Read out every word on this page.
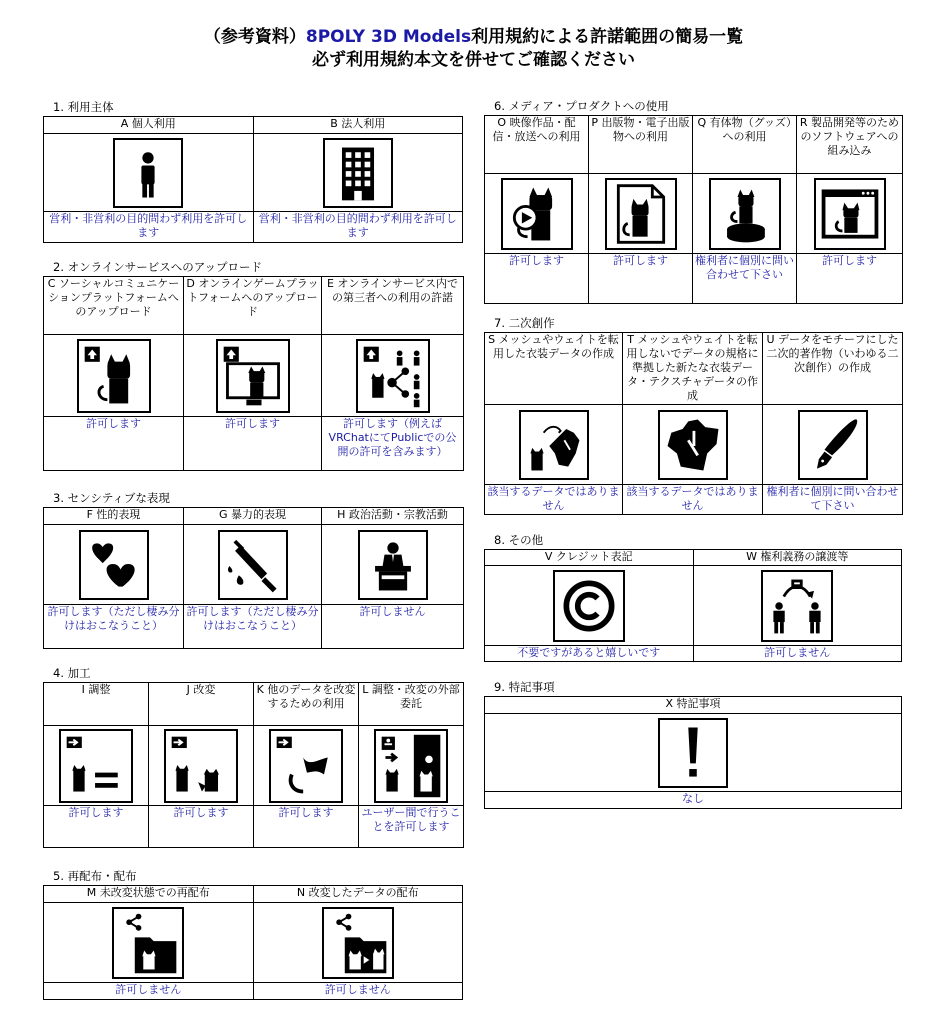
（参考資料）8POLY 3D Models利用規約による許諾範囲の簡易一覧
必ず利用規約本文を併せてご確認ください
1. 利用主体
A 個人利用	B 法人利用

営利・非営利の目的問わず利用を許可します	営利・非営利の目的問わず利用を許可します
2. オンラインサービスへのアップロード
C ソーシャルコミュニケーションプラットフォームへのアップロード	D オンラインゲームプラットフォームへのアップロード	E オンラインサービス内での第三者への利用の許諾

許可します	許可します	許可します（例えばVRChatにてPublicでの公開の許可を含みます）
3. センシティブな表現
F 性的表現	G 暴力的表現	H 政治活動・宗教活動

許可します（ただし棲み分けはおこなうこと）	許可します（ただし棲み分けはおこなうこと）	許可しません
4. 加工
I 調整	J 改変	K 他のデータを改変するための利用	L 調整・改変の外部委託

許可します	許可します	許可します	ユーザー間で行うことを許可します
5. 再配布・配布
M 未改変状態での再配布	N 改変したデータの配布

許可しません	許可しません
6. メディア・プロダクトへの使用
O 映像作品・配信・放送への利用	P 出版物・電子出版物への利用	Q 有体物（グッズ）への利用	R 製品開発等のためのソフトウェアへの組み込み

許可します	許可します	権利者に個別に問い合わせて下さい	許可します
7. 二次創作
S メッシュやウェイトを転用した衣装データの作成	T メッシュやウェイトを転用しないでデータの規格に準拠した新たな衣装データ・テクスチャデータの作成	U データをモチーフにした二次的著作物（いわゆる二次創作）の作成

該当するデータではありません	該当するデータではありません	権利者に個別に問い合わせて下さい
8. その他
V クレジット表記	W 権利義務の譲渡等

不要ですがあると嬉しいです	許可しません
9. 特記事項
X 特記事項

なし
